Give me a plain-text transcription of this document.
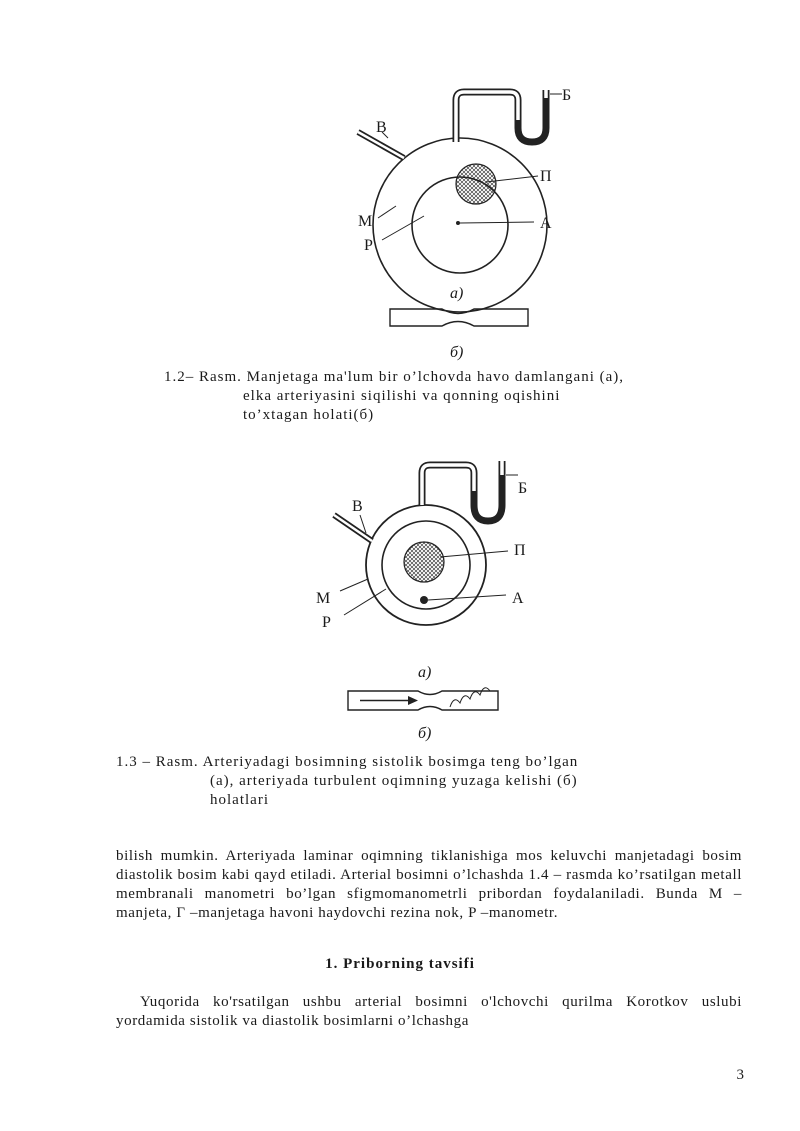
Б
В
П
М	А
Р
a)
б)
1.2– Rasm. Manjetaga ma'lum bir o’lchovda havo damlangani (a),
elka arteriyasini siqilishi va qonning oqishini
to’xtagan holati(б)
Б
В
П
М	А
Р
a)
б)
1.3 – Rasm. Arteriyadagi bosimning sistolik bosimga teng bo’lgan
(a), arteriyada turbulent oqimning yuzaga kelishi (б)
holatlari
bilish mumkin. Arteriyada laminar oqimning tiklanishiga mos keluvchi manjetadagi bosim diastolik bosim kabi qayd etiladi. Arterial bosimni o’lchashda 1.4 – rasmda ko’rsatilgan metall membranali manometri bo’lgan sfigmomanometrli pribordan foydalaniladi. Bunda M –manjeta, Г –manjetaga havoni haydovchi rezina nok, P –manometr.
1. Priborning tavsifi
Yuqorida ko'rsatilgan ushbu arterial bosimni o'lchovchi qurilma Korotkov uslubi yordamida sistolik va diastolik bosimlarni o’lchashga
3
